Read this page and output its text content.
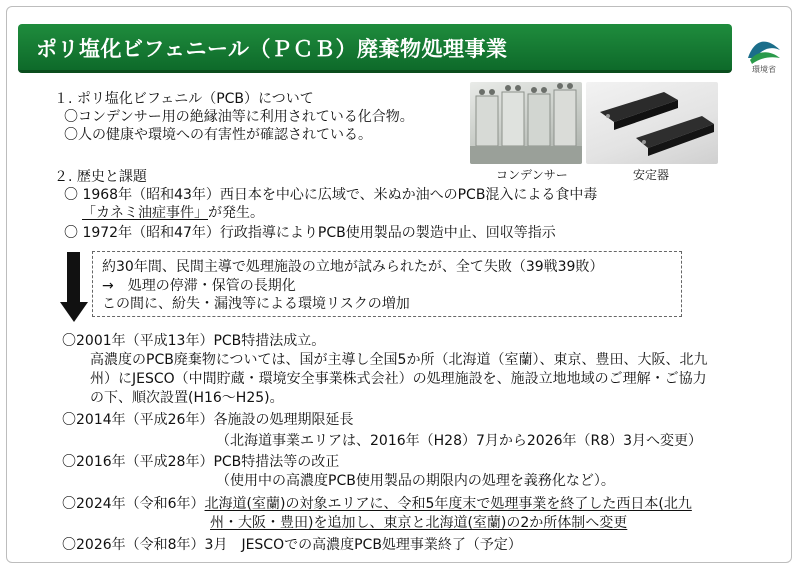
ポリ塩化ビフェニール（ＰＣＢ）廃棄物処理事業
環境省
１. ポリ塩化ビフェニル（PCB）について
〇コンデンサー用の絶縁油等に利用されている化合物。
〇人の健康や環境への有害性が確認されている。
コンデンサー	安定器
２. 歴史と課題
〇 1968年（昭和43年）西日本を中心に広域で、米ぬか油へのPCB混入による食中毒
「カネミ油症事件」が発生。
〇 1972年（昭和47年）行政指導によりPCB使用製品の製造中止、回収等指示
約30年間、民間主導で処理施設の立地が試みられたが、全て失敗（39戦39敗）
→　処理の停滞・保管の長期化
この間に、紛失・漏洩等による環境リスクの増加
〇2001年（平成13年）PCB特措法成立。
高濃度のPCB廃棄物については、国が主導し全国5か所（北海道（室蘭）、東京、豊田、大阪、北九
州）にJESCO（中間貯蔵・環境安全事業株式会社）の処理施設を、施設立地地域のご理解・ご協力
の下、順次設置(H16～H25)。
〇2014年（平成26年）各施設の処理期限延長
（北海道事業エリアは、2016年（H28）7月から2026年（R8）3月へ変更）
〇2016年（平成28年）PCB特措法等の改正
（使用中の高濃度PCB使用製品の期限内の処理を義務化など）。
〇2024年（令和6年）北海道(室蘭)の対象エリアに、令和5年度末で処理事業を終了した西日本(北九
州・大阪・豊田)を追加し、東京と北海道(室蘭)の2か所体制へ変更
〇2026年（令和8年）3月　JESCOでの高濃度PCB処理事業終了（予定）
